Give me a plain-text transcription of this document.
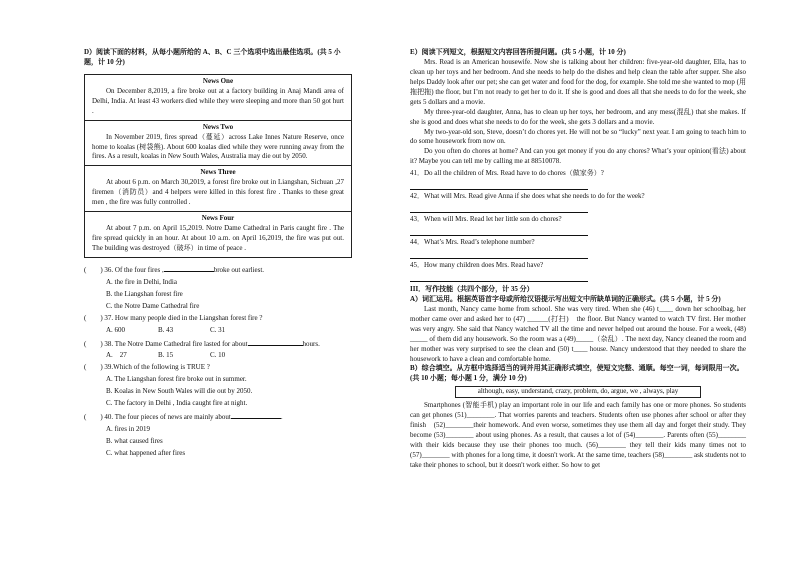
D）阅读下面的材料，从每小题所给的 A、B、C 三个选项中选出最佳选项。(共 5 小题，计 10 分)

News One

On December 8,2019, a fire broke out at a factory building in Anaj Mandi area of Delhi, India. At least 43 workers died while they were sleeping and more than 50 got hurt .

News Two

In November 2019, fires spread（蔓延）across Lake Innes Nature Reserve, once home to koalas (树袋熊). About 600 koalas died while they were running away from the fires. As a result, koalas in New South Wales, Australia may die out by 2050.

News Three

At about 6 p.m. on March 30,2019, a forest fire broke out in Liangshan, Sichuan ,27 firemen（消防员）and 4 helpers were killed in this forest fire . Thanks to these great men , the fire was fully controlled .

News Four

At about 7 p.m. on April 15,2019. Notre Dame Cathedral in Paris caught fire . The fire spread quickly in an hour. At about 10 a.m. on April 16,2019, the fire was put out. The building was destroyed（破坏）in time of peace .

(　　) 36. Of the four fires ,	broke out earliest.
A. the fire in Delhi, India
B. the Liangshan forest fire
C. the Notre Dame Cathedral fire
(　　) 37. How many people died in the Liangshan forest fire ?
A. 600	B. 43	C. 31
(　　) 38. The Notre Dame Cathedral fire lasted for about	hours.
A.　27	B. 15	C. 10
(　　) 39.Which of the following is TRUE ?
A. The Liangshan forest fire broke out in summer.
B. Koalas in New South Wales will die out by 2050.
C. The factory in Delhi , India caught fire at night.
(　　) 40. The four pieces of news are mainly about	.
A. fires in 2019
B. what caused fires
C. what happened after fires

E）阅读下列短文，根据短文内容回答所提问题。(共 5 小题，计 10 分)

Mrs. Read is an American housewife. Now she is talking about her children: five-year-old daughter, Ella, has to clean up her toys and her bedroom. And she needs to help do the dishes and help clean the table after supper. She also helps Daddy look after our pet; she can get water and food for the dog, for example. She told me she wanted to mop (用拖把拖) the floor, but I’m not ready to get her to do it. If she is good and does all that she needs to do for the week, she gets 5 dollars and a movie.

My three-year-old daughter, Anna, has to clean up her toys, her bedroom, and any mess(混乱) that she makes. If she is good and does what she needs to do for the week, she gets 3 dollars and a movie.

My two-year-old son, Steve, doesn’t do chores yet. He will not be so “lucky” next year. I am going to teach him to do some housework from now on.

Do you often do chores at home? And can you get money if you do any chores? What’s your opinion(看法) about it? Maybe you can tell me by calling me at 88510078.

41．Do all the children of Mrs. Read have to do chores（做家务）?

42．What will Mrs. Read give Anna if she does what she needs to do for the week?

43．When will Mrs. Read let her little son do chores?

44．What’s Mrs. Read’s telephone number?

45．How many children does Mrs. Read have?

III．写作技能（共四个部分，计 35 分）

A）词汇运用。根据英语首字母或所给汉语提示写出短文中所缺单词的正确形式。(共 5 小题，计 5 分)

Last month, Nancy came home from school. She was very tired. When she (46) t____ down her schoolbag, her mother came over and asked her to (47) ______(打扫)　the floor. But Nancy wanted to watch TV first. Her mother was very angry. She said that Nancy watched TV all the time and never helped out around the house. For a week, (48) _____ of them did any housework. So the room was a (49)_____（杂乱）. The next day, Nancy cleaned the room and her mother was very surprised to see the clean and (50) t____ house. Nancy understood that they needed to share the housework to have a clean and comfortable home.

B）综合填空。从方框中选择适当的词并用其正确形式填空，使短文完整、通顺。每空一词，每词限用一次。(共 10 小题；每小题 1 分，满分 10 分)

although, easy, understand, crazy, problem, do, argue, we , always, play

Smartphones (智能手机) play an important role in our life and each family has one or more phones. So students can get phones (51)________. That worries parents and teachers. Students often use phones after school or after they finish　(52)________their homework. And even worse, sometimes they use them all day and forget their study. They become (53)________ about using phones. As a result, that causes a lot of (54)________. Parents often (55)________ with their kids because they use their phones too much. (56)________ they tell their kids many times not to (57)________ with phones for a long time, it doesn't work. At the same time, teachers (58)________ ask students not to take their phones to school, but it doesn't work either. So how to get
